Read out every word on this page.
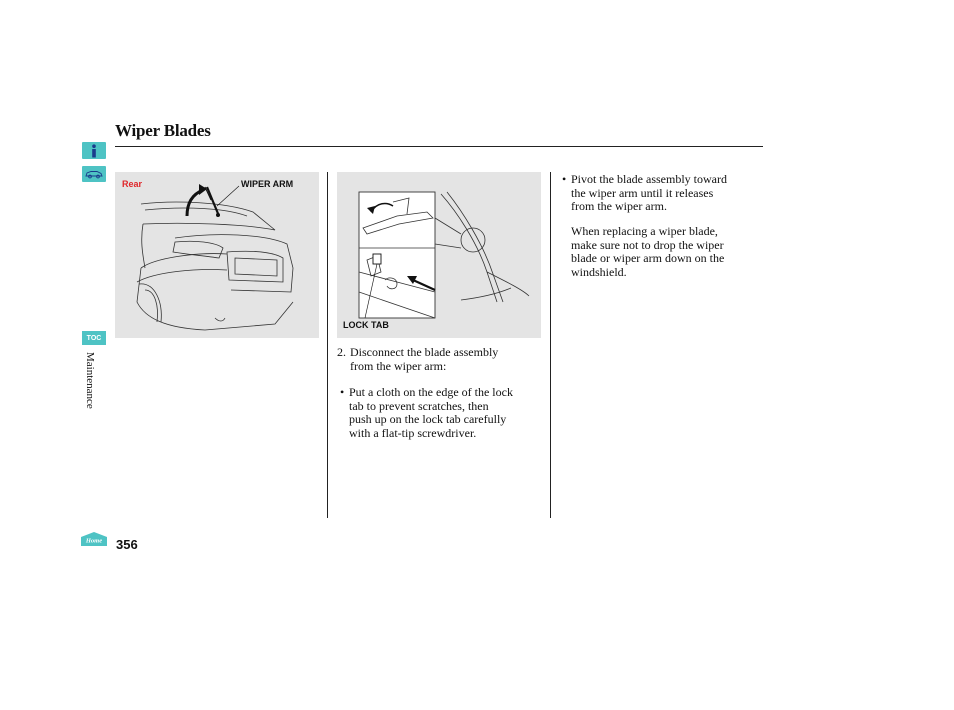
Wiper Blades
TOC
Maintenance
Home 356
Rear	WIPER ARM
LOCK TAB
2. Disconnect the blade assembly
from the wiper arm:
• Put a cloth on the edge of the lock
tab to prevent scratches, then
push up on the lock tab carefully
with a flat-tip screwdriver.
• Pivot the blade assembly toward
the wiper arm until it releases
from the wiper arm.
When replacing a wiper blade,
make sure not to drop the wiper
blade or wiper arm down on the
windshield.
